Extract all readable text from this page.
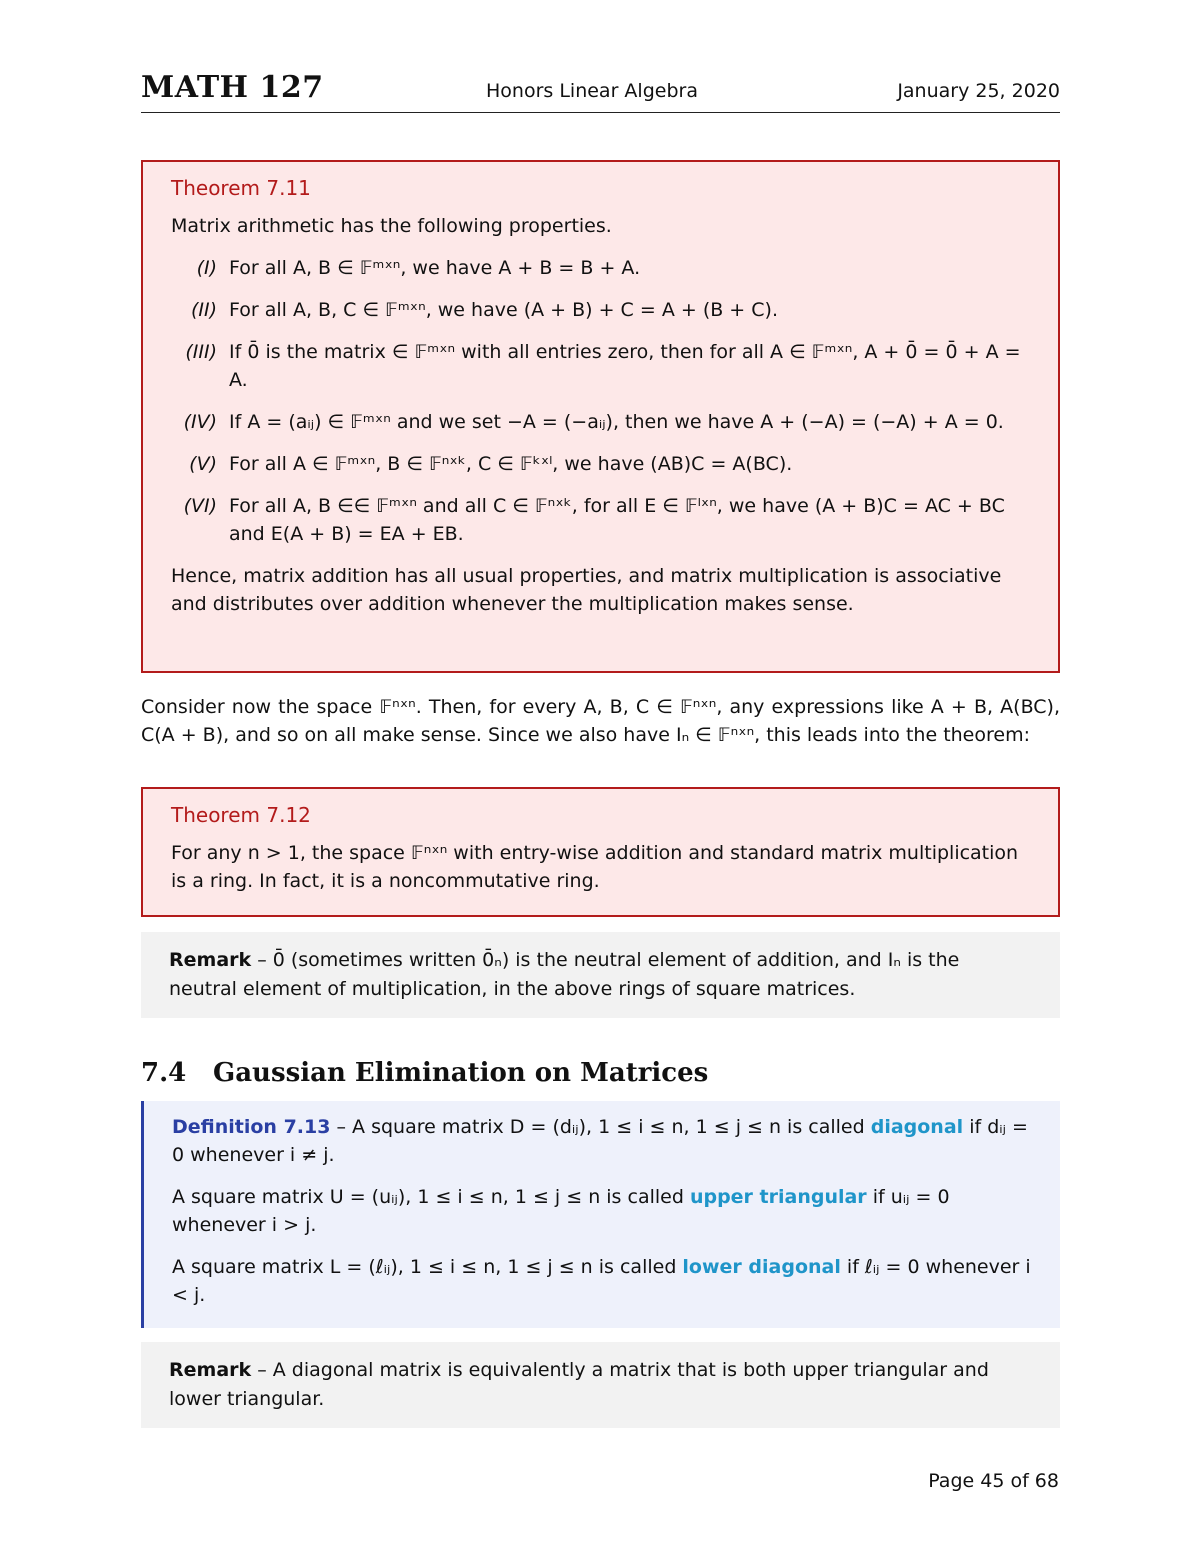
MATH 127	Honors Linear Algebra	January 25, 2020
Theorem 7.11

Matrix arithmetic has the following properties.

(I) For all A, B ∈ 𝔽ᵐˣⁿ, we have A + B = B + A.
(II) For all A, B, C ∈ 𝔽ᵐˣⁿ, we have (A + B) + C = A + (B + C).
(III) If 0̄ is the matrix ∈ 𝔽ᵐˣⁿ with all entries zero, then for all A ∈ 𝔽ᵐˣⁿ, A + 0̄ = 0̄ + A = A.
(IV) If A = (aᵢⱼ) ∈ 𝔽ᵐˣⁿ and we set −A = (−aᵢⱼ), then we have A + (−A) = (−A) + A = 0.
(V) For all A ∈ 𝔽ᵐˣⁿ, B ∈ 𝔽ⁿˣᵏ, C ∈ 𝔽ᵏˣˡ, we have (AB)C = A(BC).
(VI) For all A, B ∈∈ 𝔽ᵐˣⁿ and all C ∈ 𝔽ⁿˣᵏ, for all E ∈ 𝔽ˡˣⁿ, we have (A + B)C = AC + BC and E(A + B) = EA + EB.

Hence, matrix addition has all usual properties, and matrix multiplication is associative and distributes over addition whenever the multiplication makes sense.

Consider now the space 𝔽ⁿˣⁿ. Then, for every A, B, C ∈ 𝔽ⁿˣⁿ, any expressions like A + B, A(BC), C(A + B), and so on all make sense. Since we also have Iₙ ∈ 𝔽ⁿˣⁿ, this leads into the theorem:

Theorem 7.12

For any n > 1, the space 𝔽ⁿˣⁿ with entry-wise addition and standard matrix multiplication is a ring. In fact, it is a noncommutative ring.

Remark – 0̄ (sometimes written 0̄ₙ) is the neutral element of addition, and Iₙ is the neutral element of multiplication, in the above rings of square matrices.
7.4 Gaussian Elimination on Matrices

Definition 7.13 – A square matrix D = (dᵢⱼ), 1 ≤ i ≤ n, 1 ≤ j ≤ n is called diagonal if dᵢⱼ = 0 whenever i ≠ j.

A square matrix U = (uᵢⱼ), 1 ≤ i ≤ n, 1 ≤ j ≤ n is called upper triangular if uᵢⱼ = 0 whenever i > j.

A square matrix L = (ℓᵢⱼ), 1 ≤ i ≤ n, 1 ≤ j ≤ n is called lower diagonal if ℓᵢⱼ = 0 whenever i < j.

Remark – A diagonal matrix is equivalently a matrix that is both upper triangular and lower triangular.
Page 45 of 68
